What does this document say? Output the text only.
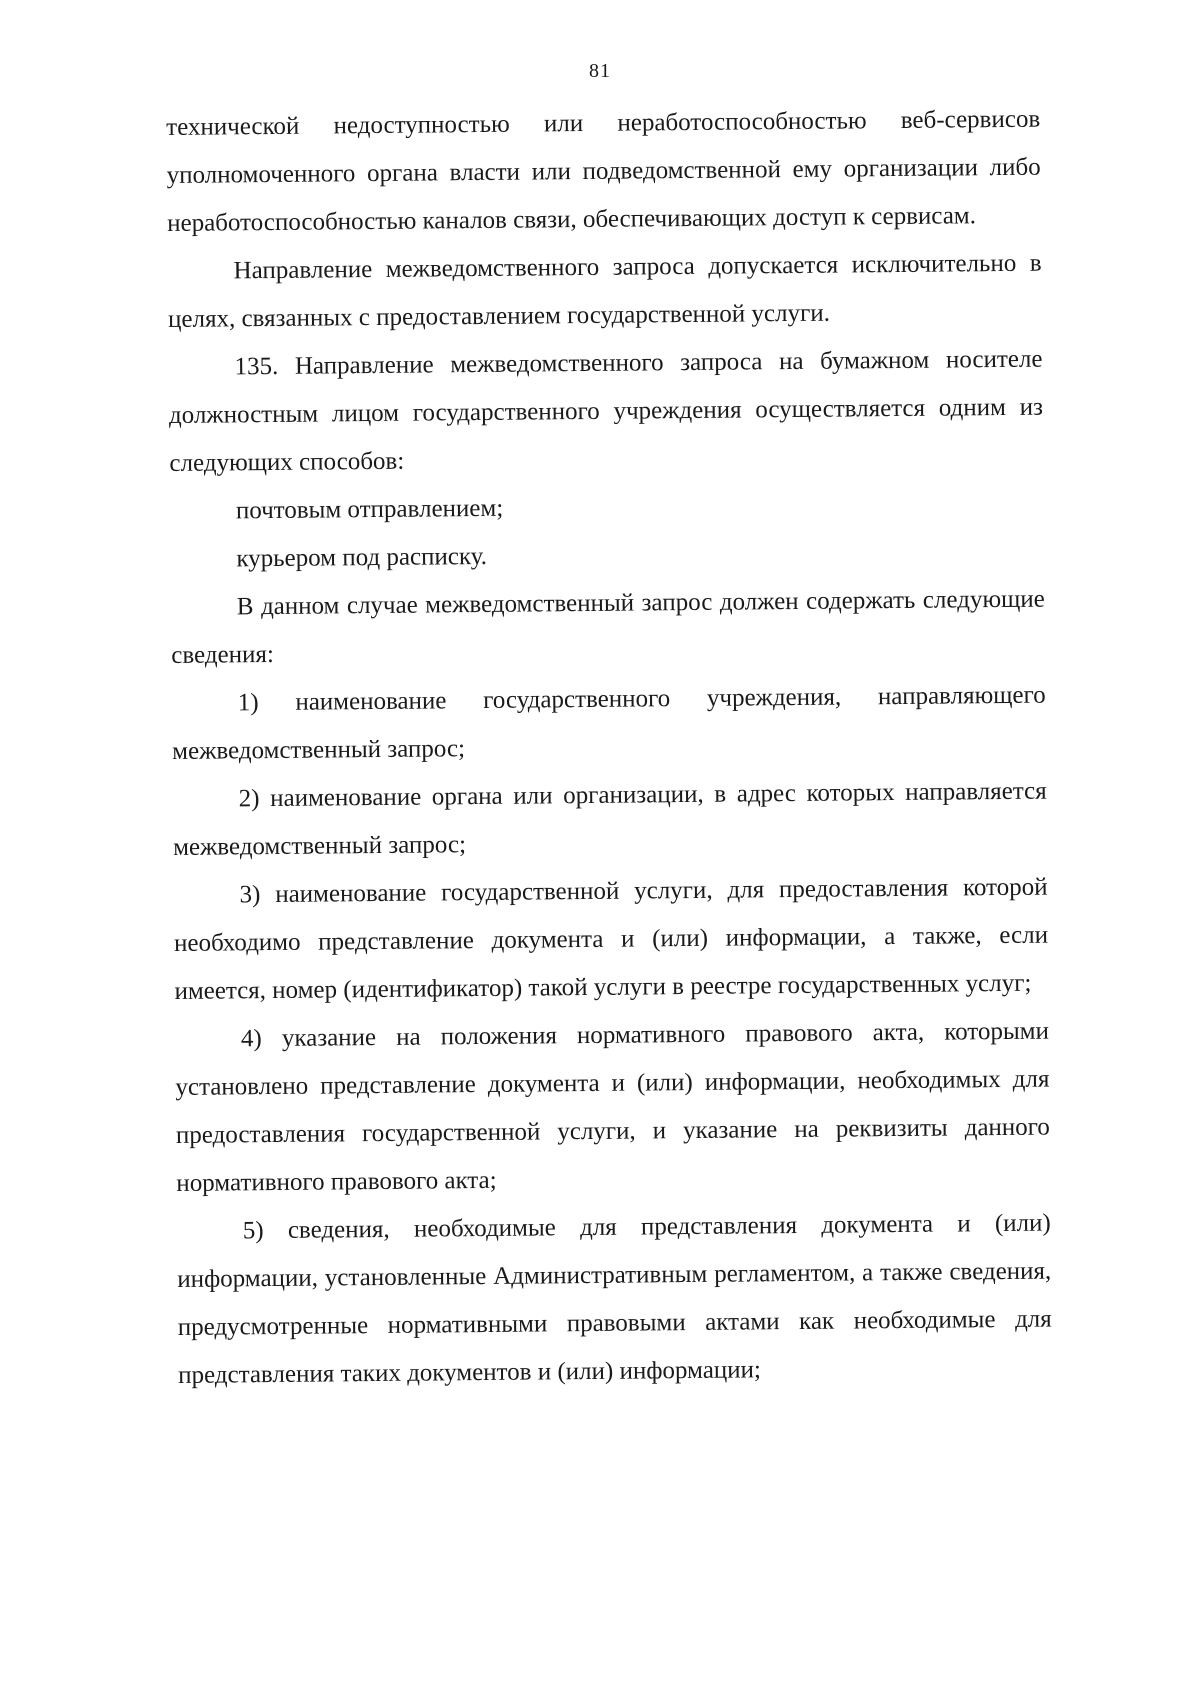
81

технической недоступностью или неработоспособностью веб-сервисов уполномоченного органа власти или подведомственной ему организации либо неработоспособностью каналов связи, обеспечивающих доступ к сервисам.

Направление межведомственного запроса допускается исключительно в целях, связанных с предоставлением государственной услуги.

135. Направление межведомственного запроса на бумажном носителе должностным лицом государственного учреждения осуществляется одним из следующих способов:

почтовым отправлением;

курьером под расписку.

В данном случае межведомственный запрос должен содержать следующие сведения:

1) наименование государственного учреждения, направляющего межведомственный запрос;

2) наименование органа или организации, в адрес которых направляется межведомственный запрос;

3) наименование государственной услуги, для предоставления которой необходимо представление документа и (или) информации, а также, если имеется, номер (идентификатор) такой услуги в реестре государственных услуг;

4) указание на положения нормативного правового акта, которыми установлено представление документа и (или) информации, необходимых для предоставления государственной услуги, и указание на реквизиты данного нормативного правового акта;

5) сведения, необходимые для представления документа и (или) информации, установленные Административным регламентом, а также сведения, предусмотренные нормативными правовыми актами как необходимые для представления таких документов и (или) информации;
